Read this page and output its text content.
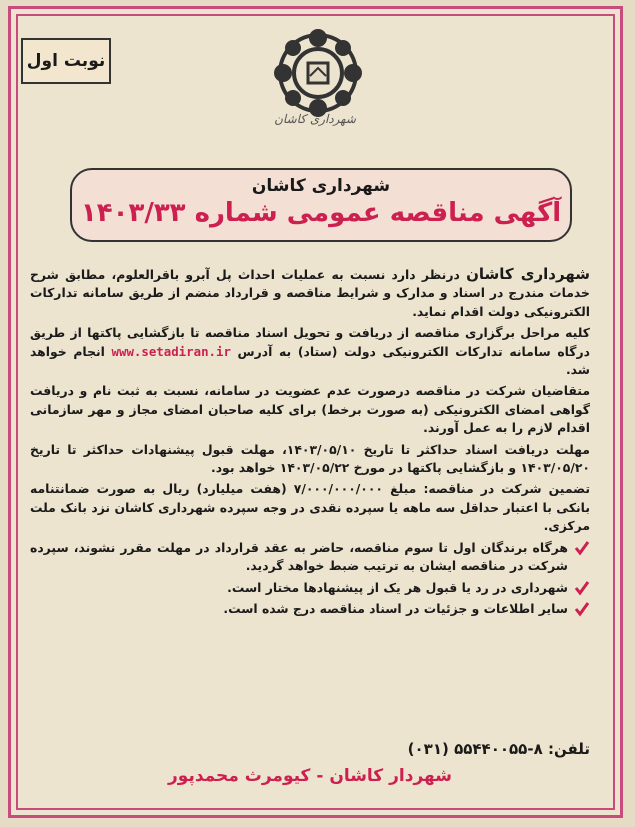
نوبت اول
شهرداری کاشان
شهرداری کاشان
آگهی مناقصه عمومی شماره ۱۴۰۳/۳۳

شهرداری کاشان درنظر دارد نسبت به عملیات احداث پل آبرو باقرالعلوم، مطابق شرح خدمات مندرج در اسناد و مدارک و شرایط مناقصه و قرارداد منضم از طریق سامانه تدارکات الکترونیکی دولت اقدام نماید.

کلیه مراحل برگزاری مناقصه از دریافت و تحویل اسناد مناقصه تا بازگشایی پاکتها از طریق درگاه سامانه تدارکات الکترونیکی دولت (ستاد) به آدرس www.setadiran.ir انجام خواهد شد.

متقاضیان شرکت در مناقصه درصورت عدم عضویت در سامانه، نسبت به ثبت نام و دریافت گواهی امضای الکترونیکی (به صورت برخط) برای کلیه صاحبان امضای مجاز و مهر سازمانی اقدام لازم را به عمل آورند.

مهلت دریافت اسناد حداکثر تا تاریخ ۱۴۰۳/۰۵/۱۰، مهلت قبول پیشنهادات حداکثر تا تاریخ ۱۴۰۳/۰۵/۲۰ و بازگشایی پاکتها در مورخ ۱۴۰۳/۰۵/۲۲ خواهد بود.

تضمین شرکت در مناقصه: مبلغ ۷/۰۰۰/۰۰۰/۰۰۰ (هفت میلیارد) ریال به صورت ضمانتنامه بانکی با اعتبار حداقل سه ماهه یا سپرده نقدی در وجه سپرده شهرداری کاشان نزد بانک ملت مرکزی.

هرگاه برندگان اول تا سوم مناقصه، حاضر به عقد قرارداد در مهلت مقرر نشوند، سپرده شرکت در مناقصه ایشان به ترتیب ضبط خواهد گردید.
شهرداری در رد یا قبول هر یک از پیشنهادها مختار است.
سایر اطلاعات و جزئیات در اسناد مناقصه درج شده است.
تلفن: ۸-۵۵۴۴۰۰۵۵ (۰۳۱)
شهردار کاشان - کیومرث محمدپور
